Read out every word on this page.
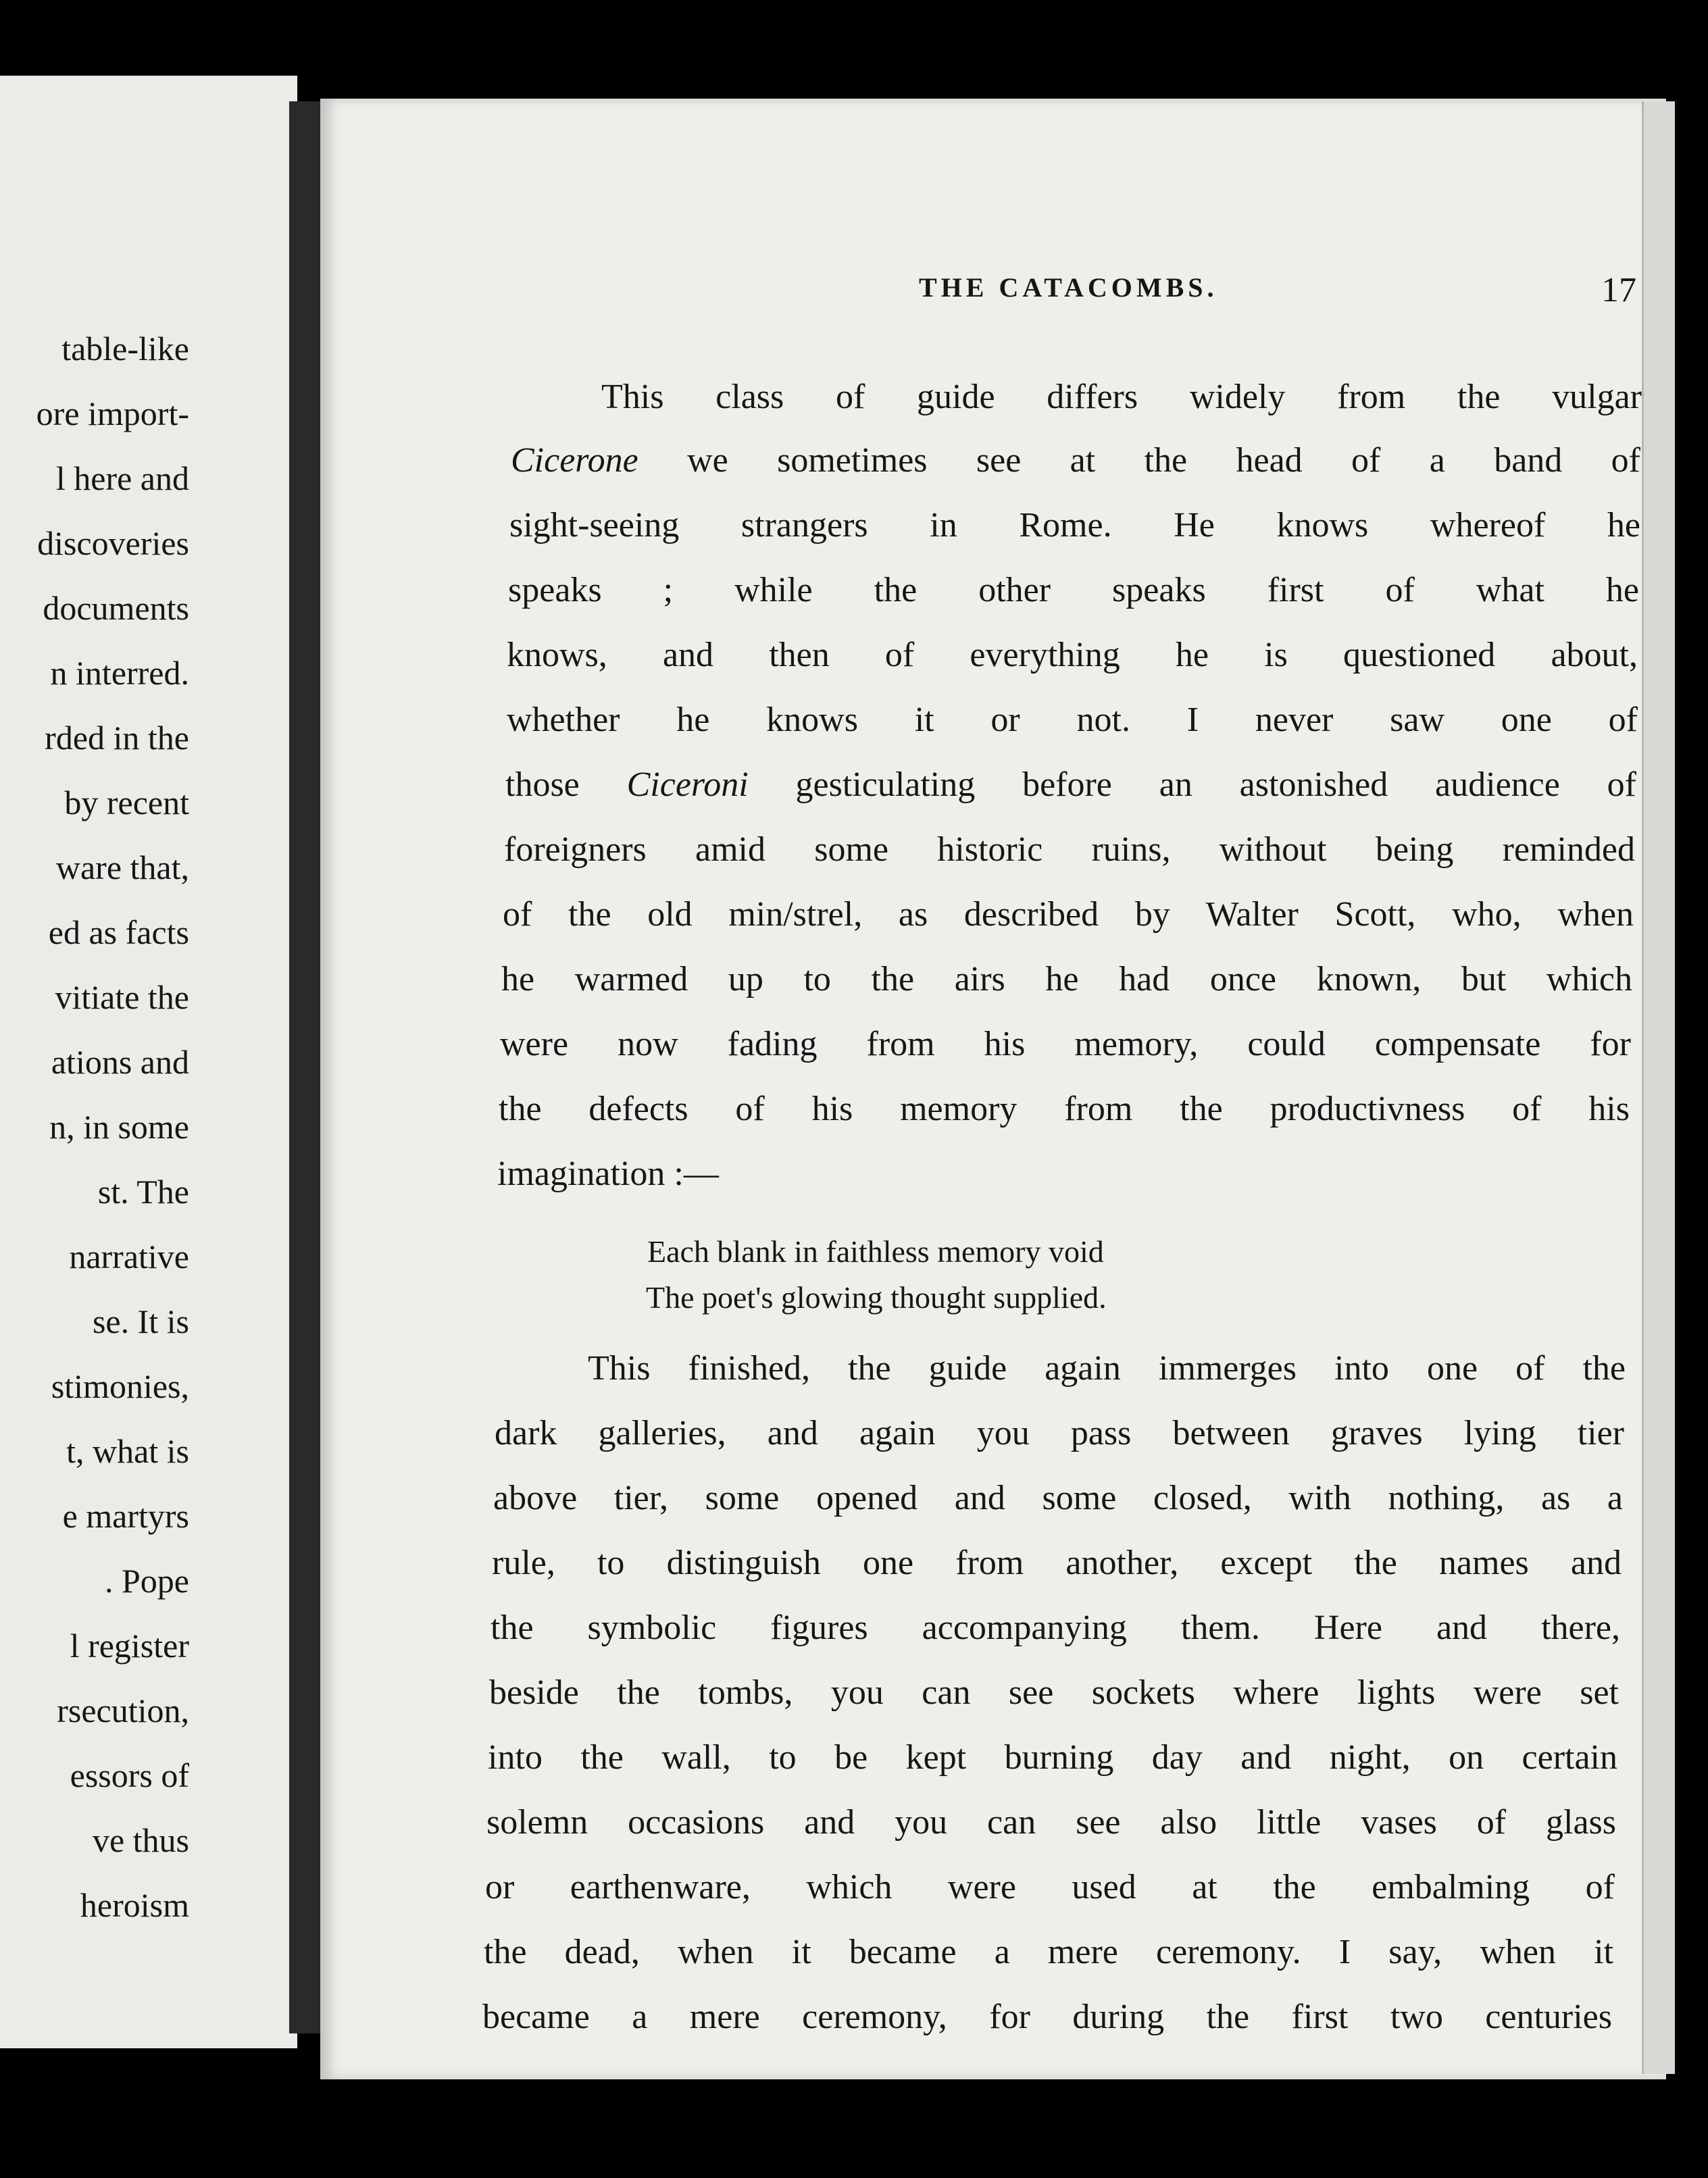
table-like
ore import-
l here and
discoveries
documents
n interred.
rded in the
by recent
ware that,
ed as facts
vitiate the
ations and
n, in some
st. The
narrative
se. It is
stimonies,
t, what is
e martyrs
. Pope
l register
rsecution,
essors of
ve thus
heroism
THE CATACOMBS.	17
This class of guide differs widely from the vulgar
Cicerone we sometimes see at the head of a band of
sight-seeing strangers in Rome. He knows whereof he
speaks ; while the other speaks first of what he
knows, and then of everything he is questioned about,
whether he knows it or not. I never saw one of
those Ciceroni gesticulating before an astonished audience of
foreigners amid some historic ruins, without being reminded
of the old min/strel, as described by Walter Scott, who, when
he warmed up to the airs he had once known, but which
were now fading from his memory, could compensate for
the defects of his memory from the productivness of his
imagination :—
Each blank in faithless memory void
The poet's glowing thought supplied.
This finished, the guide again immerges into one of the
dark galleries, and again you pass between graves lying tier
above tier, some opened and some closed, with nothing, as a
rule, to distinguish one from another, except the names and
the symbolic figures accompanying them. Here and there,
beside the tombs, you can see sockets where lights were set
into the wall, to be kept burning day and night, on certain
solemn occasions and you can see also little vases of glass
or earthenware, which were used at the embalming of
the dead, when it became a mere ceremony. I say, when it
became a mere ceremony, for during the first two centuries
